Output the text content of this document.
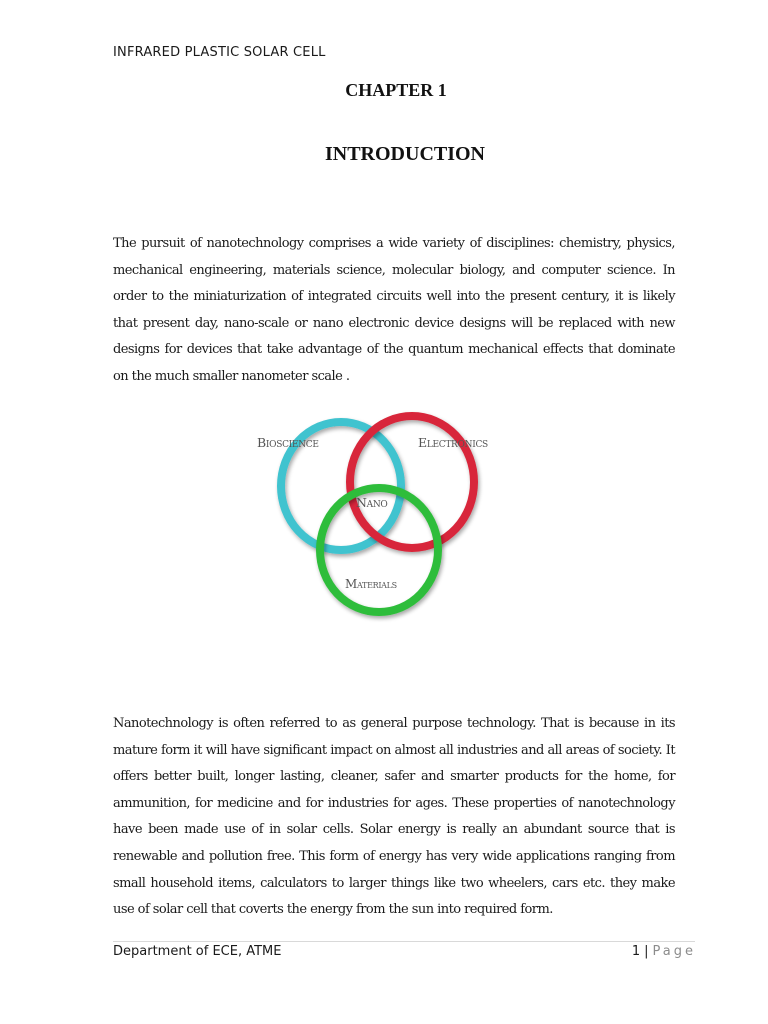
INFRARED PLASTIC SOLAR CELL
CHAPTER 1
INTRODUCTION

The pursuit of nanotechnology comprises a wide variety of disciplines: chemistry, physics, mechanical engineering, materials science, molecular biology, and computer science. In order to the miniaturization of integrated circuits well into the present century, it is likely that present day, nano-scale or nano electronic device designs will be replaced with new designs for devices that take advantage of the quantum mechanical effects that dominate on the much smaller nanometer scale .

Bioscience	Electronics
Nano
Materials

Nanotechnology is often referred to as general purpose technology. That is because in its mature form it will have significant impact on almost all industries and all areas of society. It offers better built, longer lasting, cleaner, safer and smarter products for the home, for ammunition, for medicine and for industries for ages. These properties of nanotechnology have been made use of in solar cells. Solar energy is really an abundant source that is renewable and pollution free. This form of energy has very wide applications ranging from small household items, calculators to larger things like two wheelers, cars etc. they make use of solar cell that coverts the energy from the sun into required form.

Department of ECE, ATME	1 | Page
